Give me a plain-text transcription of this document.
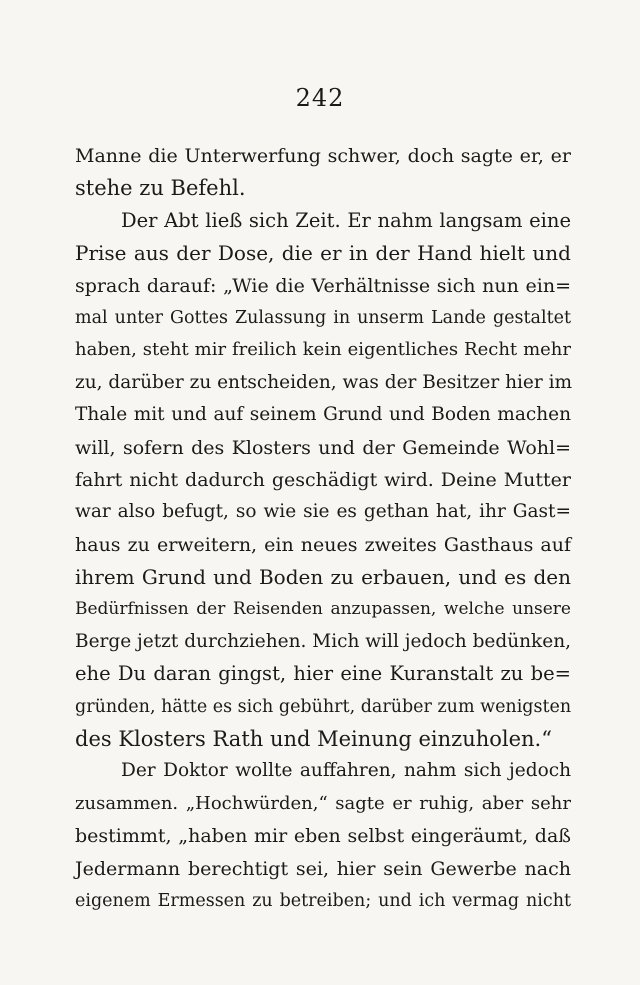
242
Manne die Unterwerfung schwer, doch sagte er, er
stehe zu Befehl.
Der Abt ließ sich Zeit. Er nahm langsam eine
Prise aus der Dose, die er in der Hand hielt und
sprach darauf: „Wie die Verhältnisse sich nun ein=
mal unter Gottes Zulassung in unserm Lande gestaltet
haben, steht mir freilich kein eigentliches Recht mehr
zu, darüber zu entscheiden, was der Besitzer hier im
Thale mit und auf seinem Grund und Boden machen
will, sofern des Klosters und der Gemeinde Wohl=
fahrt nicht dadurch geschädigt wird. Deine Mutter
war also befugt, so wie sie es gethan hat, ihr Gast=
haus zu erweitern, ein neues zweites Gasthaus auf
ihrem Grund und Boden zu erbauen, und es den
Bedürfnissen der Reisenden anzupassen, welche unsere
Berge jetzt durchziehen. Mich will jedoch bedünken,
ehe Du daran gingst, hier eine Kuranstalt zu be=
gründen, hätte es sich gebührt, darüber zum wenigsten
des Klosters Rath und Meinung einzuholen.“
Der Doktor wollte auffahren, nahm sich jedoch
zusammen. „Hochwürden,“ sagte er ruhig, aber sehr
bestimmt, „haben mir eben selbst eingeräumt, daß
Jedermann berechtigt sei, hier sein Gewerbe nach
eigenem Ermessen zu betreiben; und ich vermag nicht
